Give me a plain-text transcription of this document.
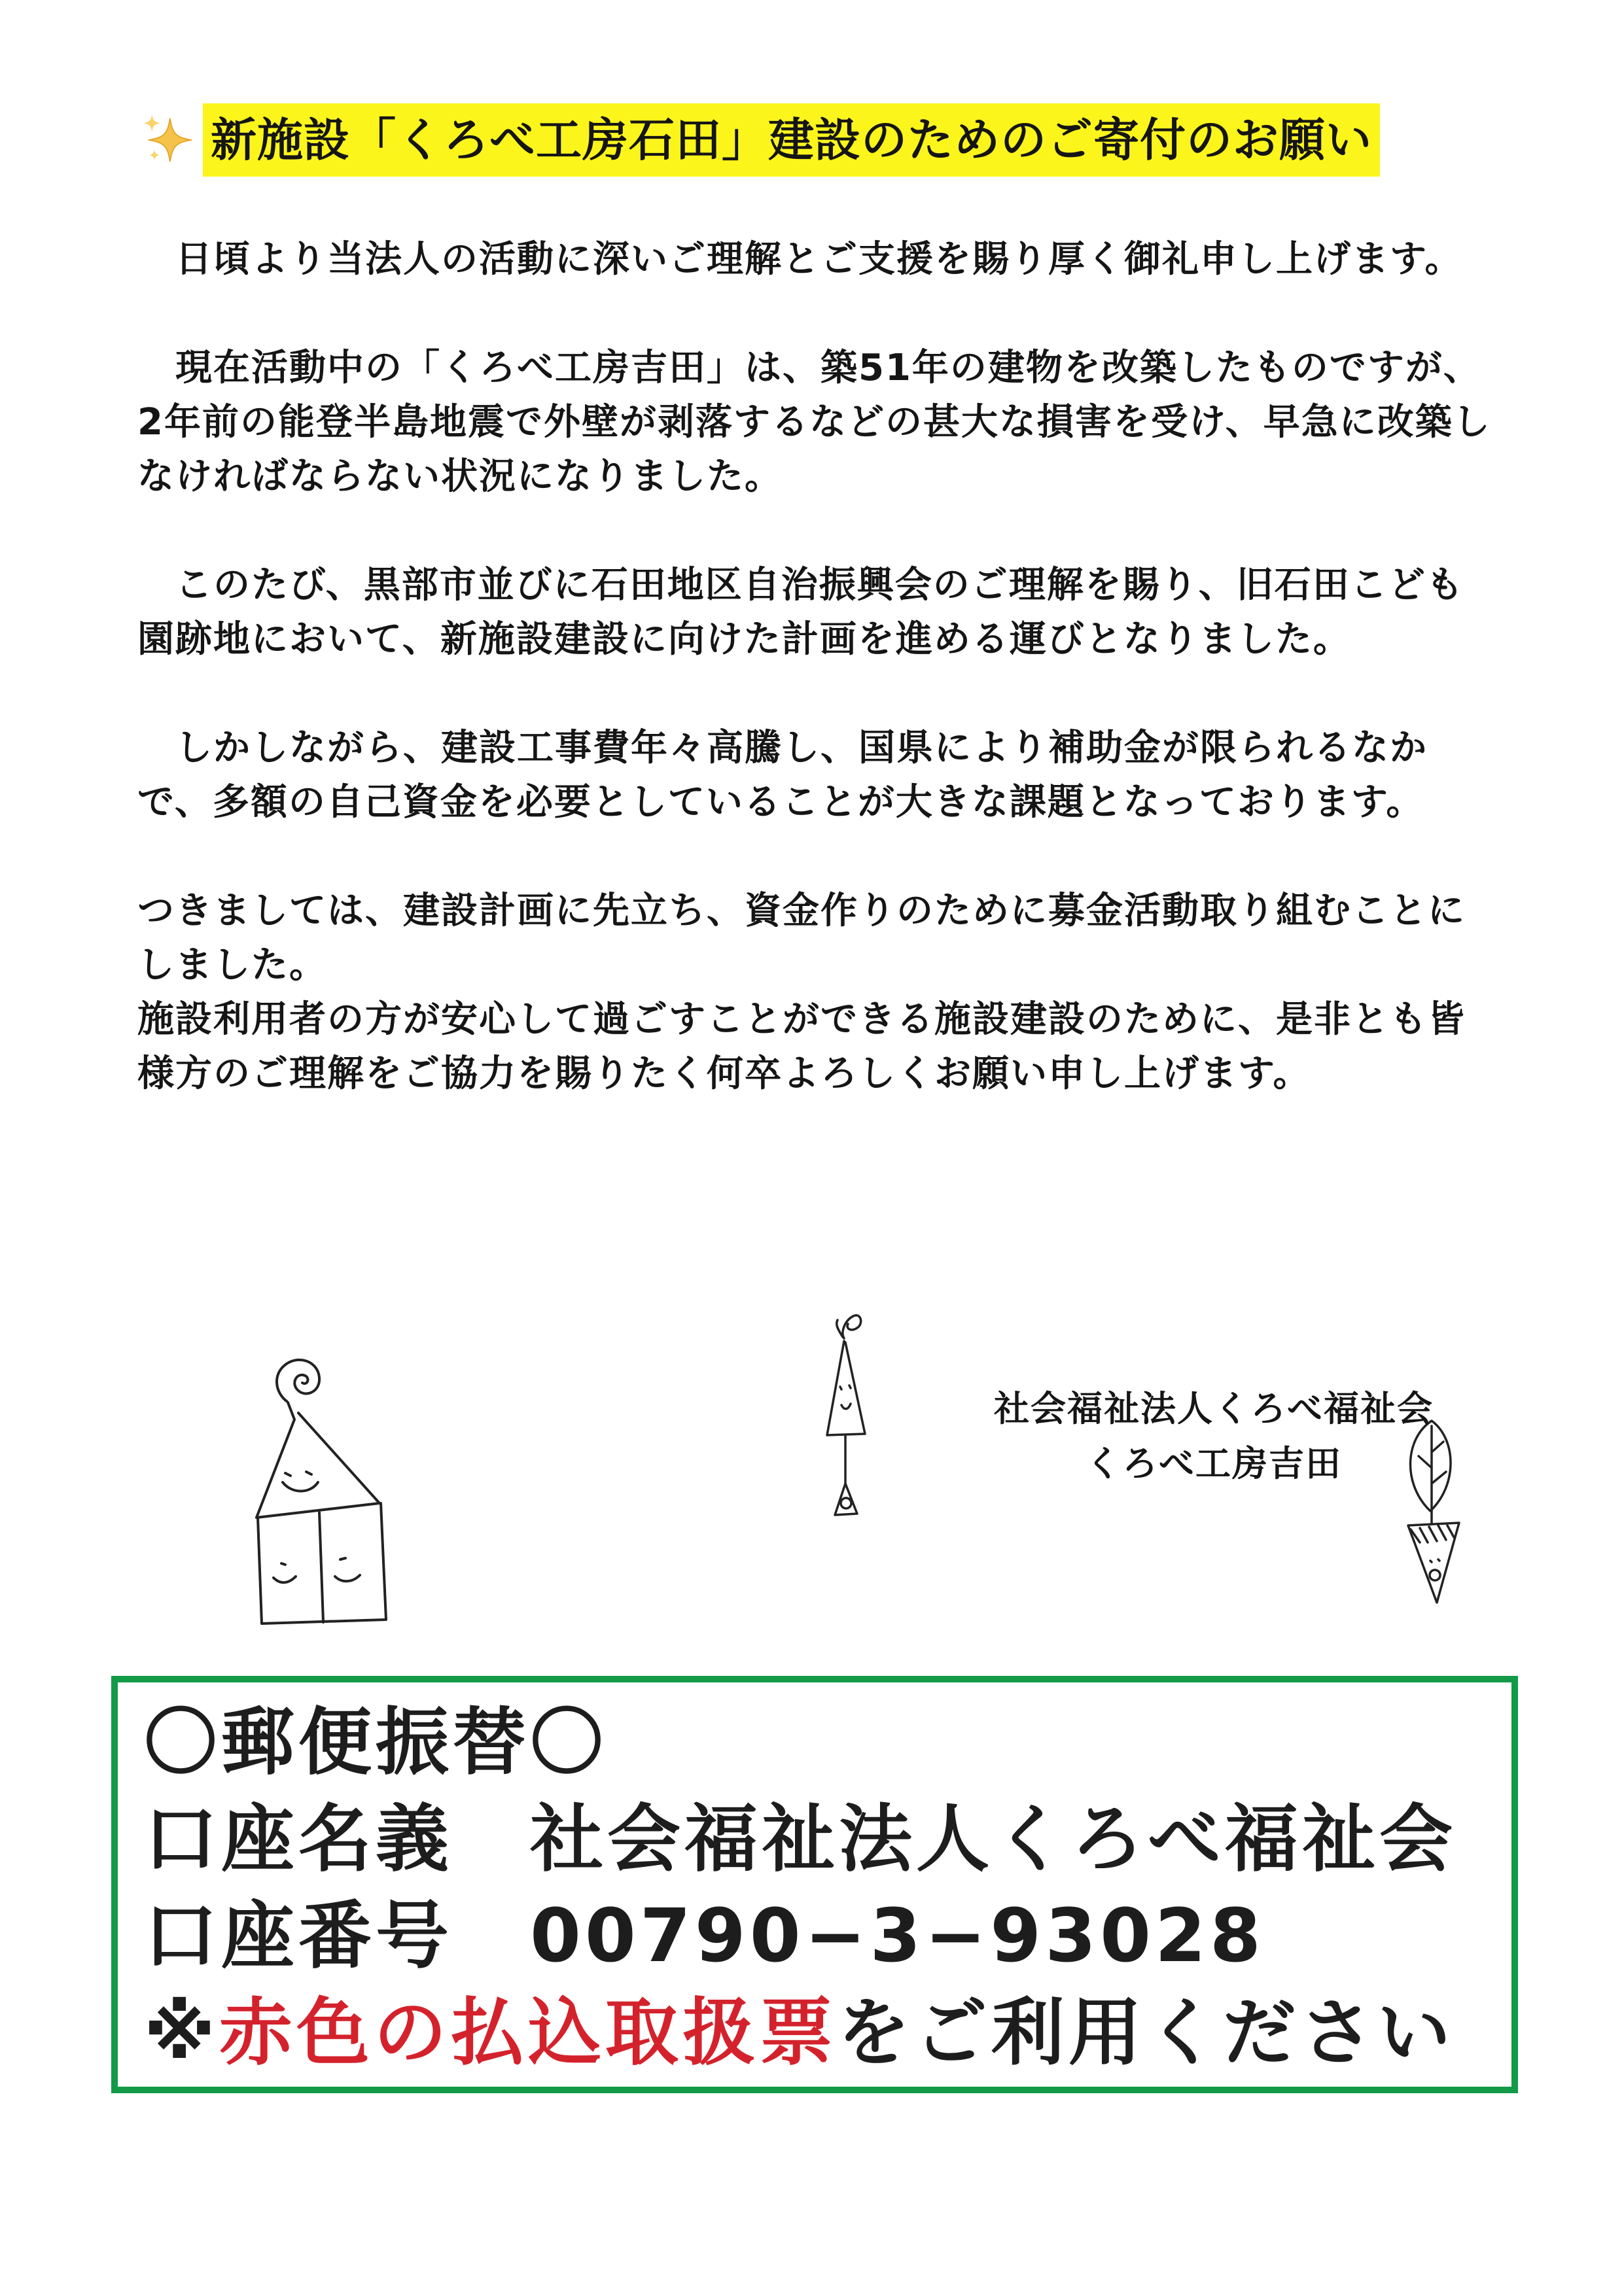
新施設「くろべ工房石田」建設のためのご寄付のお願い

　日頃より当法人の活動に深いご理解とご支援を賜り厚く御礼申し上げます。

　現在活動中の「くろべ工房吉田」は、築51年の建物を改築したものですが、2年前の能登半島地震で外壁が剥落するなどの甚大な損害を受け、早急に改築しなければならない状況になりました。

　このたび、黒部市並びに石田地区自治振興会のご理解を賜り、旧石田こども園跡地において、新施設建設に向けた計画を進める運びとなりました。

　しかしながら、建設工事費年々高騰し、国県により補助金が限られるなかで、多額の自己資金を必要としていることが大きな課題となっております。

つきましては、建設計画に先立ち、資金作りのために募金活動取り組むことにしました。
施設利用者の方が安心して過ごすことができる施設建設のために、是非とも皆様方のご理解をご協力を賜りたく何卒よろしくお願い申し上げます。

社会福祉法人くろべ福祉会
くろべ工房吉田
〇郵便振替〇
口座名義　社会福祉法人くろべ福祉会
口座番号　00790−3−93028
※赤色の払込取扱票をご利用ください
